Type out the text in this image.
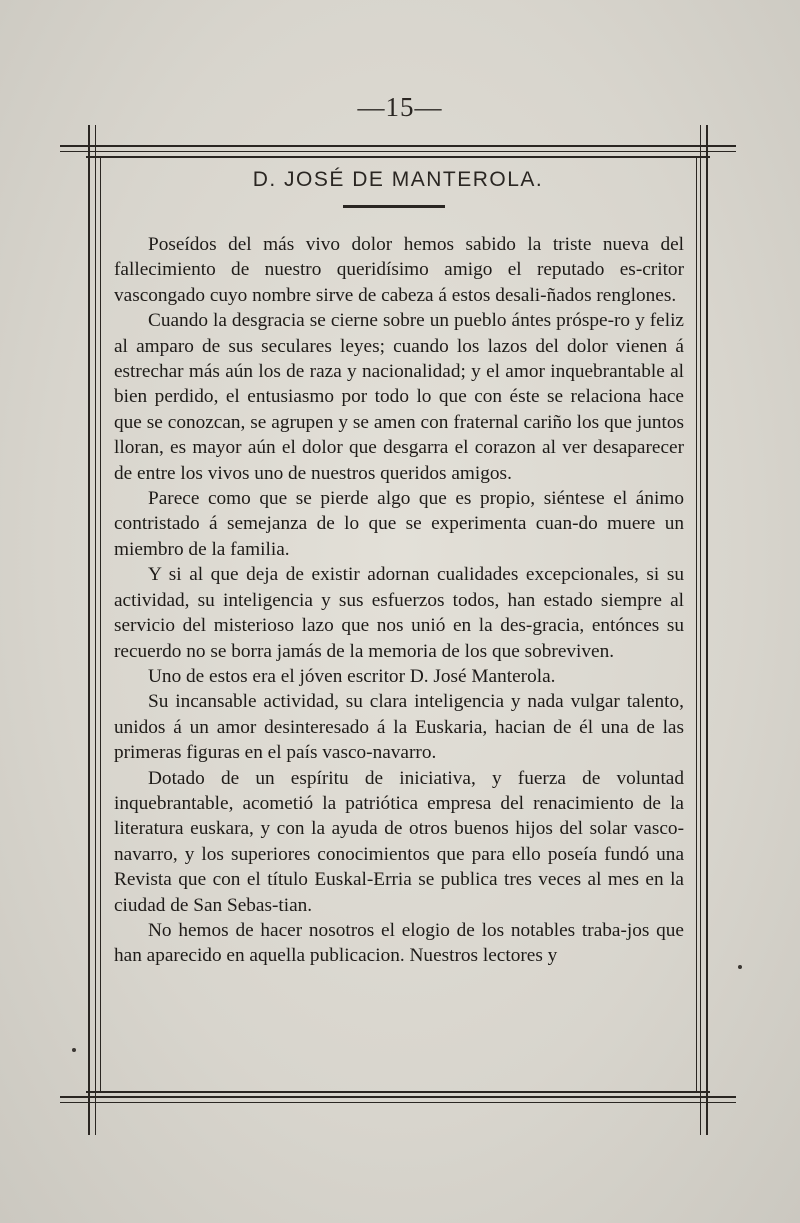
—15—
D. JOSÉ DE MANTEROLA.

Poseídos del más vivo dolor hemos sabido la triste nueva del fallecimiento de nuestro queridísimo amigo el reputado es-critor vascongado cuyo nombre sirve de cabeza á estos desali-ñados renglones.

Cuando la desgracia se cierne sobre un pueblo ántes próspe-ro y feliz al amparo de sus seculares leyes; cuando los lazos del dolor vienen á estrechar más aún los de raza y nacionalidad; y el amor inquebrantable al bien perdido, el entusiasmo por todo lo que con éste se relaciona hace que se conozcan, se agrupen y se amen con fraternal cariño los que juntos lloran, es mayor aún el dolor que desgarra el corazon al ver desaparecer de entre los vivos uno de nuestros queridos amigos.

Parece como que se pierde algo que es propio, siéntese el ánimo contristado á semejanza de lo que se experimenta cuan-do muere un miembro de la familia.

Y si al que deja de existir adornan cualidades excepcionales, si su actividad, su inteligencia y sus esfuerzos todos, han estado siempre al servicio del misterioso lazo que nos unió en la des-gracia, entónces su recuerdo no se borra jamás de la memoria de los que sobreviven.

Uno de estos era el jóven escritor D. José Manterola.

Su incansable actividad, su clara inteligencia y nada vulgar talento, unidos á un amor desinteresado á la Euskaria, hacian de él una de las primeras figuras en el país vasco-navarro.

Dotado de un espíritu de iniciativa, y fuerza de voluntad inquebrantable, acometió la patriótica empresa del renacimiento de la literatura euskara, y con la ayuda de otros buenos hijos del solar vasco-navarro, y los superiores conocimientos que para ello poseía fundó una Revista que con el título Euskal-Erria se publica tres veces al mes en la ciudad de San Sebas-tian.

No hemos de hacer nosotros el elogio de los notables traba-jos que han aparecido en aquella publicacion. Nuestros lectores y
